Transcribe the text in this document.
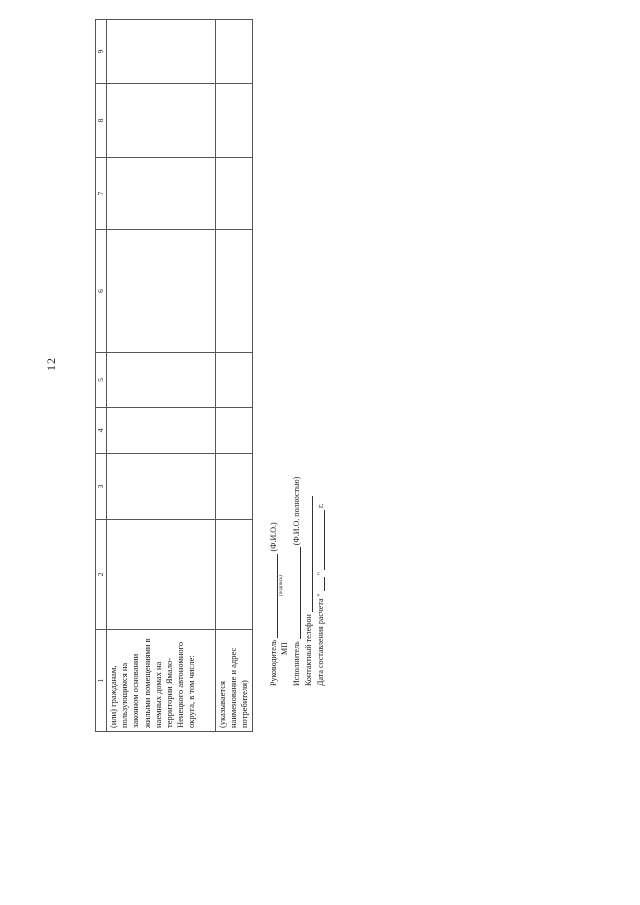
12
1	2	3	4	5	6	7	8	9
(или) гражданам, пользующимся на законном основании жилыми помещениями в наемных домах на территории Ямало-Ненецкого автономного округа, в том числе:								
(указывается наименование и адрес потребителя)								
Руководитель  (Ф.И.О.)
(подпись)
МП Исполнитель  (Ф.И.О. полностью)
Контактный телефон Дата составления расчета "  "  г.
